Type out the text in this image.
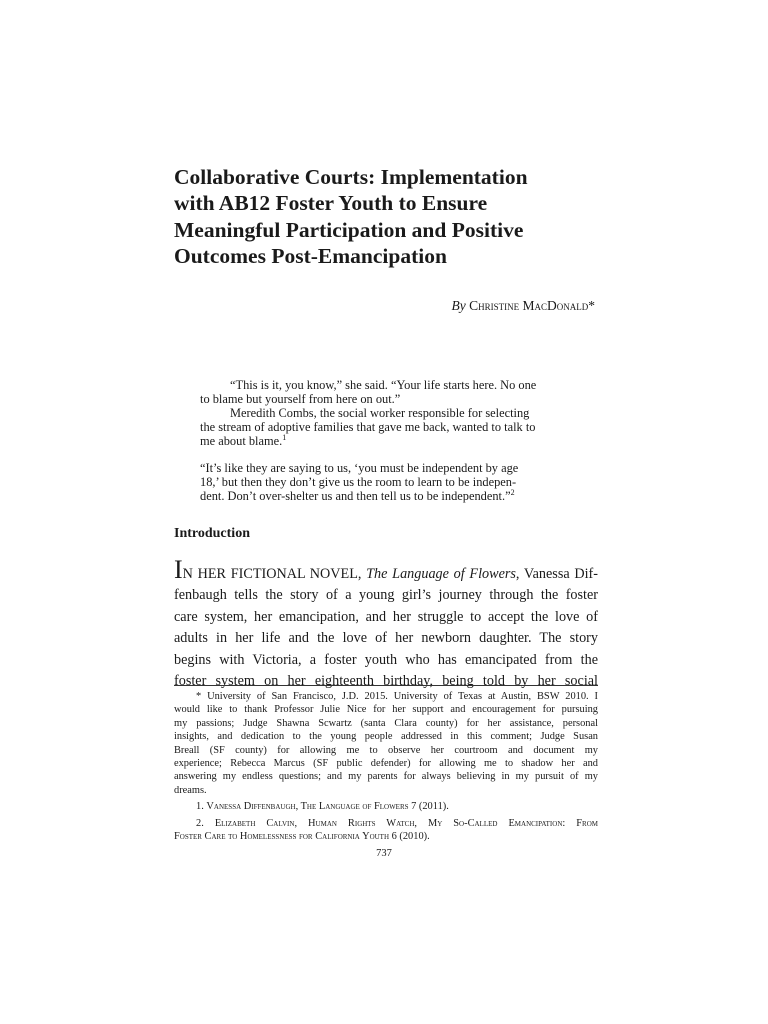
Collaborative Courts: Implementation
with AB12 Foster Youth to Ensure
Meaningful Participation and Positive
Outcomes Post-Emancipation
By Christine MacDonald*
“This is it, you know,” she said. “Your life starts here. No one
to blame but yourself from here on out.”
Meredith Combs, the social worker responsible for selecting
the stream of adoptive families that gave me back, wanted to talk to
me about blame.$^1$
“It’s like they are saying to us, ‘you must be independent by age
18,’ but then they don’t give us the room to learn to be indepen-
dent. Don’t over-shelter us and then tell us to be independent.”$^2$
Introduction
IN HER FICTIONAL NOVEL, The Language of Flowers, Vanessa Dif-
fenbaugh tells the story of a young girl’s journey through the foster
care system, her emancipation, and her struggle to accept the love of
adults in her life and the love of her newborn daughter. The story
begins with Victoria, a foster youth who has emancipated from the
foster system on her eighteenth birthday, being told by her social
* University of San Francisco, J.D. 2015. University of Texas at Austin, BSW 2010. I
would like to thank Professor Julie Nice for her support and encouragement for pursuing
my passions; Judge Shawna Scwartz (santa Clara county) for her assistance, personal
insights, and dedication to the young people addressed in this comment; Judge Susan
Breall (SF county) for allowing me to observe her courtroom and document my
experience; Rebecca Marcus (SF public defender) for allowing me to shadow her and
answering my endless questions; and my parents for always believing in my pursuit of my
dreams.
1. Vanessa Diffenbaugh, The Language of Flowers 7 (2011).
2. Elizabeth Calvin, Human Rights Watch, My So-Called Emancipation: From
Foster Care to Homelessness for California Youth 6 (2010).
737
